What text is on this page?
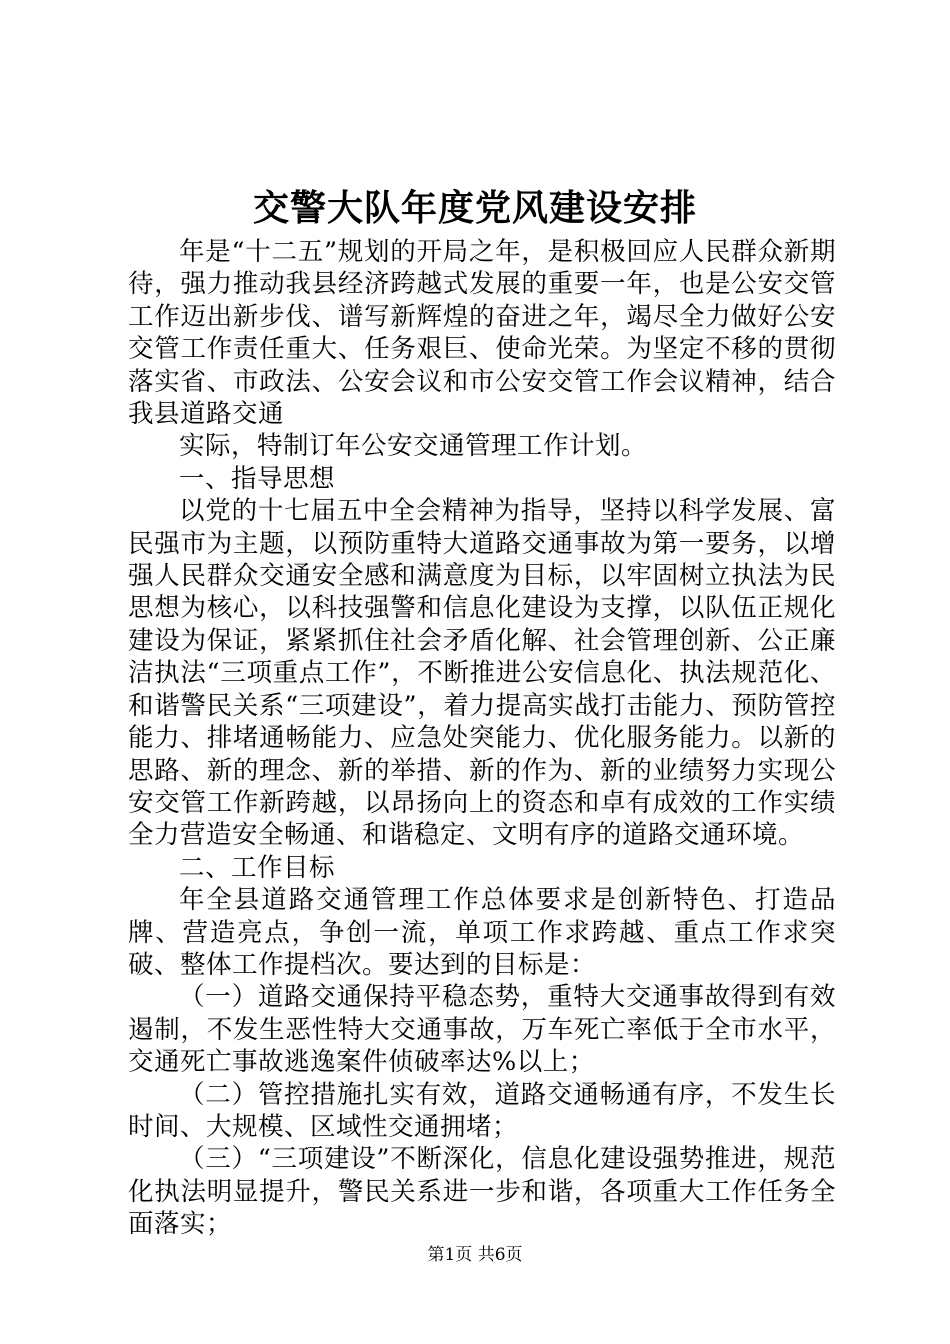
交警大队年度党风建设安排

年是“十二五”规划的开局之年，是积极回应人民群众新期待，强力推动我县经济跨越式发展的重要一年，也是公安交管工作迈出新步伐、谱写新辉煌的奋进之年，竭尽全力做好公安交管工作责任重大、任务艰巨、使命光荣。为坚定不移的贯彻落实省、市政法、公安会议和市公安交管工作会议精神，结合我县道路交通

实际，特制订年公安交通管理工作计划。

一、指导思想

以党的十七届五中全会精神为指导，坚持以科学发展、富民强市为主题，以预防重特大道路交通事故为第一要务，以增强人民群众交通安全感和满意度为目标，以牢固树立执法为民思想为核心，以科技强警和信息化建设为支撑，以队伍正规化建设为保证，紧紧抓住社会矛盾化解、社会管理创新、公正廉洁执法“三项重点工作”，不断推进公安信息化、执法规范化、和谐警民关系“三项建设”，着力提高实战打击能力、预防管控能力、排堵通畅能力、应急处突能力、优化服务能力。以新的思路、新的理念、新的举措、新的作为、新的业绩努力实现公安交管工作新跨越，以昂扬向上的资态和卓有成效的工作实绩全力营造安全畅通、和谐稳定、文明有序的道路交通环境。

二、工作目标

年全县道路交通管理工作总体要求是创新特色、打造品牌、营造亮点，争创一流，单项工作求跨越、重点工作求突破、整体工作提档次。要达到的目标是：

（一）道路交通保持平稳态势，重特大交通事故得到有效遏制，不发生恶性特大交通事故，万车死亡率低于全市水平，交通死亡事故逃逸案件侦破率达%以上；

（二）管控措施扎实有效，道路交通畅通有序，不发生长时间、大规模、区域性交通拥堵；

（三）“三项建设”不断深化，信息化建设强势推进，规范化执法明显提升，警民关系进一步和谐，各项重大工作任务全面落实；

第1页 共6页
